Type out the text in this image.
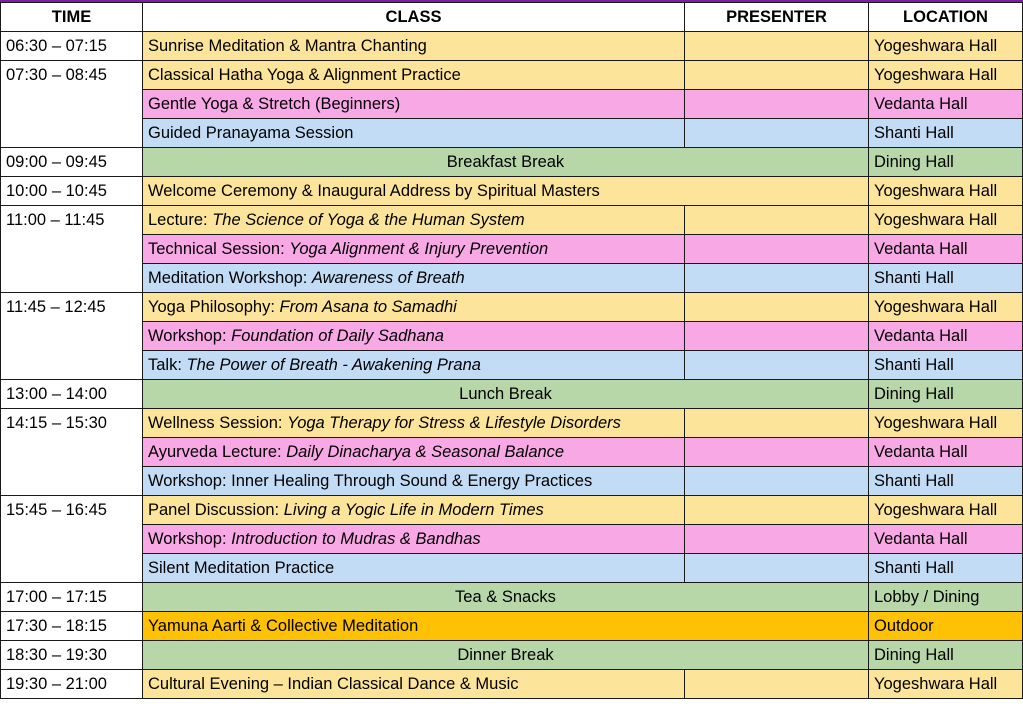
TIME	CLASS	PRESENTER	LOCATION
06:30 – 07:15	Sunrise Meditation & Mantra Chanting		Yogeshwara Hall
07:30 – 08:45	Classical Hatha Yoga & Alignment Practice		Yogeshwara Hall
	Gentle Yoga & Stretch (Beginners)		Vedanta Hall
	Guided Pranayama Session		Shanti Hall
09:00 – 09:45	Breakfast Break		Dining Hall
10:00 – 10:45	Welcome Ceremony & Inaugural Address by Spiritual Masters		Yogeshwara Hall
11:00 – 11:45	Lecture: The Science of Yoga & the Human System		Yogeshwara Hall
	Technical Session: Yoga Alignment & Injury Prevention		Vedanta Hall
	Meditation Workshop: Awareness of Breath		Shanti Hall
11:45 – 12:45	Yoga Philosophy: From Asana to Samadhi		Yogeshwara Hall
	Workshop: Foundation of Daily Sadhana		Vedanta Hall
	Talk: The Power of Breath - Awakening Prana		Shanti Hall
13:00 – 14:00	Lunch Break		Dining Hall
14:15 – 15:30	Wellness Session: Yoga Therapy for Stress & Lifestyle Disorders		Yogeshwara Hall
	Ayurveda Lecture: Daily Dinacharya & Seasonal Balance		Vedanta Hall
	Workshop: Inner Healing Through Sound & Energy Practices		Shanti Hall
15:45 – 16:45	Panel Discussion: Living a Yogic Life in Modern Times		Yogeshwara Hall
	Workshop: Introduction to Mudras & Bandhas		Vedanta Hall
	Silent Meditation Practice		Shanti Hall
17:00 – 17:15	Tea & Snacks		Lobby / Dining
17:30 – 18:15	Yamuna Aarti & Collective Meditation		Outdoor
18:30 – 19:30	Dinner Break		Dining Hall
19:30 – 21:00	Cultural Evening – Indian Classical Dance & Music		Yogeshwara Hall
